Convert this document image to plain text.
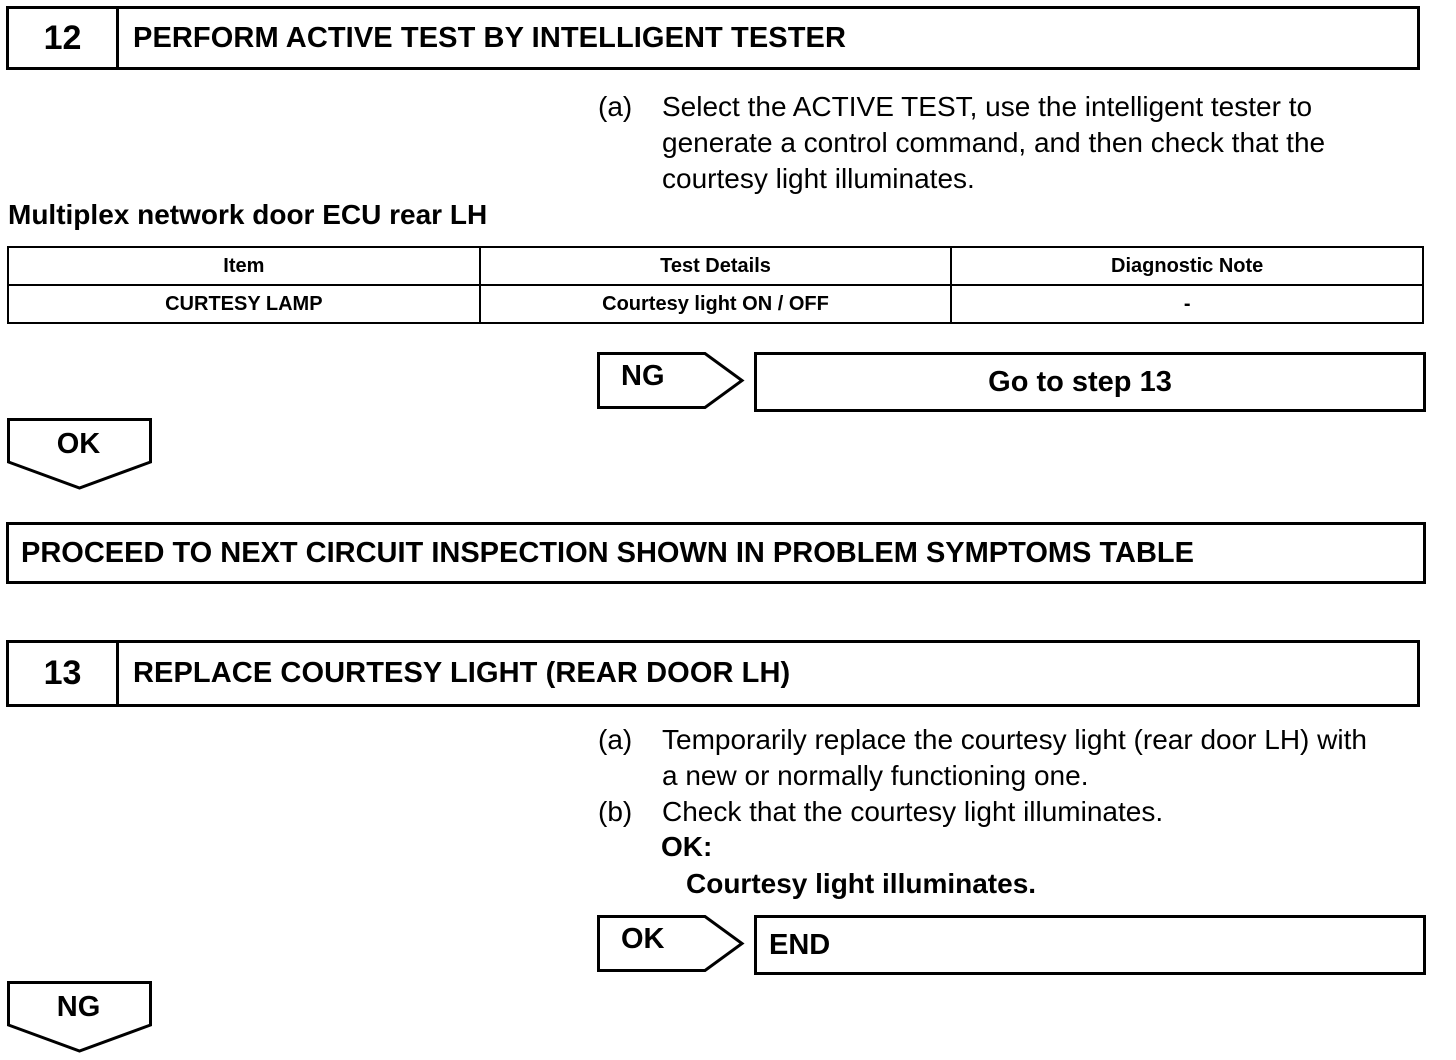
12	PERFORM ACTIVE TEST BY INTELLIGENT TESTER
(a) Select the ACTIVE TEST, use the intelligent tester to
generate a control command, and then check that the
courtesy light illuminates.
Multiplex network door ECU rear LH
Item	Test Details	Diagnostic Note
CURTESY LAMP	Courtesy light ON / OFF	-
NG	Go to step 13
OK
PROCEED TO NEXT CIRCUIT INSPECTION SHOWN IN PROBLEM SYMPTOMS TABLE
13	REPLACE COURTESY LIGHT (REAR DOOR LH)
(a) Temporarily replace the courtesy light (rear door LH) with
a new or normally functioning one.
(b) Check that the courtesy light illuminates.
OK:
Courtesy light illuminates.
OK	END
NG
